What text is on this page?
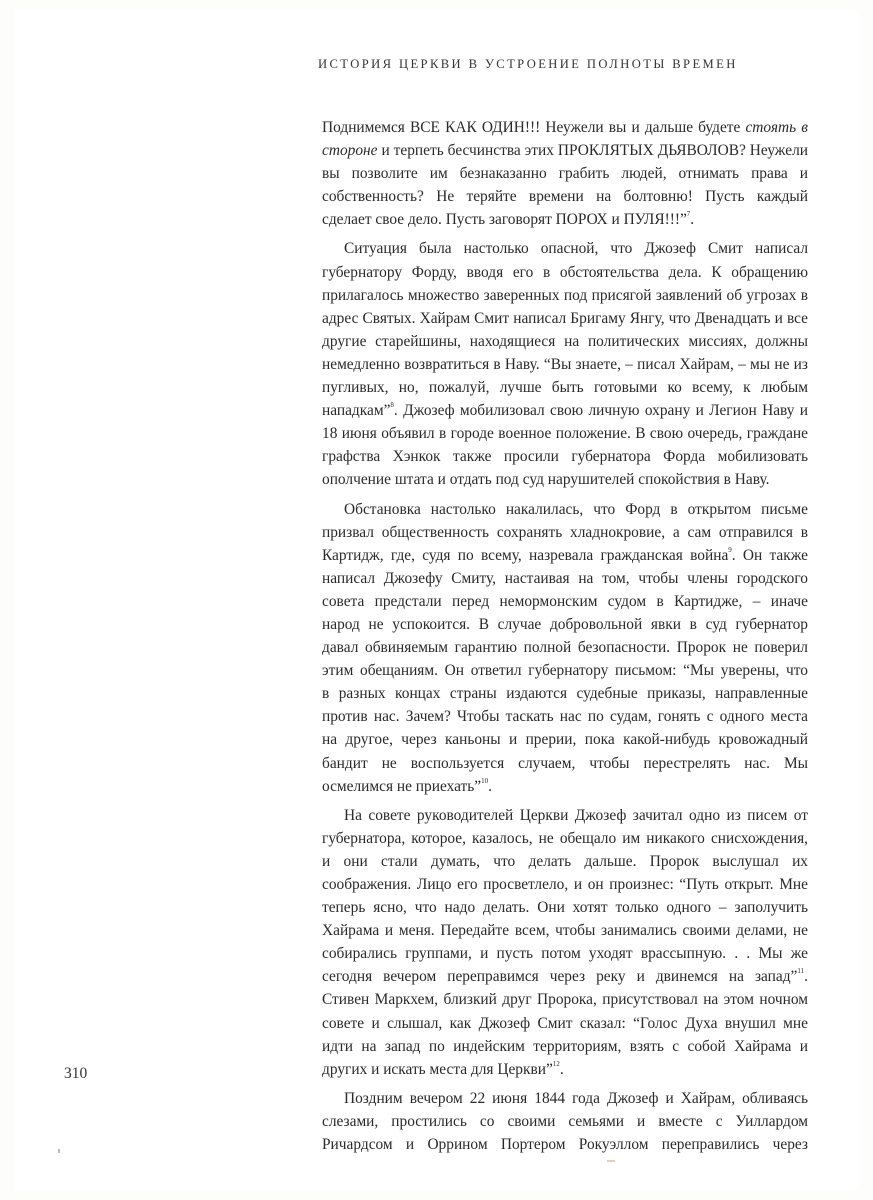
ИСТОРИЯ ЦЕРКВИ В УСТРОЕНИЕ ПОЛНОТЫ ВРЕМЕН
Поднимемся ВСЕ КАК ОДИН!!! Неужели вы и дальше будете стоять в
стороне и терпеть бесчинства этих ПРОКЛЯТЫХ ДЬЯВОЛОВ? Неужели
вы позволите им безнаказанно грабить людей, отнимать права и
собственность? Не теряйте времени на болтовню! Пусть каждый
сделает свое дело. Пусть заговорят ПОРОХ и ПУЛЯ!!!”$^7$.
Ситуация была настолько опасной, что Джозеф Смит написал
губернатору Форду, вводя его в обстоятельства дела. К обращению
прилагалось множество заверенных под присягой заявлений об угрозах в
адрес Святых. Хайрам Смит написал Бригаму Янгу, что Двенадцать и все
другие старейшины, находящиеся на политических миссиях, должны
немедленно возвратиться в Наву. “Вы знаете, – писал Хайрам, – мы не из
пугливых, но, пожалуй, лучше быть готовыми ко всему, к любым
нападкам”$^8$. Джозеф мобилизовал свою личную охрану и Легион Наву и
18 июня объявил в городе военное положение. В свою очередь, граждане
графства Хэнкок также просили губернатора Форда мобилизовать
ополчение штата и отдать под суд нарушителей спокойствия в Наву.
Обстановка настолько накалилась, что Форд в открытом письме
призвал общественность сохранять хладнокровие, а сам отправился в
Картидж, где, судя по всему, назревала гражданская война$^9$. Он также
написал Джозефу Смиту, настаивая на том, чтобы члены городского
совета предстали перед немормонским судом в Картидже, – иначе
народ не успокоится. В случае добровольной явки в суд губернатор
давал обвиняемым гарантию полной безопасности. Пророк не поверил
этим обещаниям. Он ответил губернатору письмом: “Мы уверены, что
в разных концах страны издаются судебные приказы, направленные
против нас. Зачем? Чтобы таскать нас по судам, гонять с одного места
на другое, через каньоны и прерии, пока какой-нибудь кровожадный
бандит не воспользуется случаем, чтобы перестрелять нас. Мы
осмелимся не приехать”$^{10}$.
На совете руководителей Церкви Джозеф зачитал одно из писем от
губернатора, которое, казалось, не обещало им никакого снисхождения,
и они стали думать, что делать дальше. Пророк выслушал их
соображения. Лицо его просветлело, и он произнес: “Путь открыт. Мне
теперь ясно, что надо делать. Они хотят только одного – заполучить
Хайрама и меня. Передайте всем, чтобы занимались своими делами, не
собирались группами, и пусть потом уходят врассыпную. . . Мы же
сегодня вечером переправимся через реку и двинемся на запад”$^{11}$.
Стивен Маркхем, близкий друг Пророка, присутствовал на этом ночном
совете и слышал, как Джозеф Смит сказал: “Голос Духа внушил мне
идти на запад по индейским территориям, взять с собой Хайрама и
других и искать места для Церкви”$^{12}$.
Поздним вечером 22 июня 1844 года Джозеф и Хайрам, обливаясь
слезами, простились со своими семьями и вместе с Уиллардом
Ричардсом и Оррином Портером Рокуэллом переправились через
310
